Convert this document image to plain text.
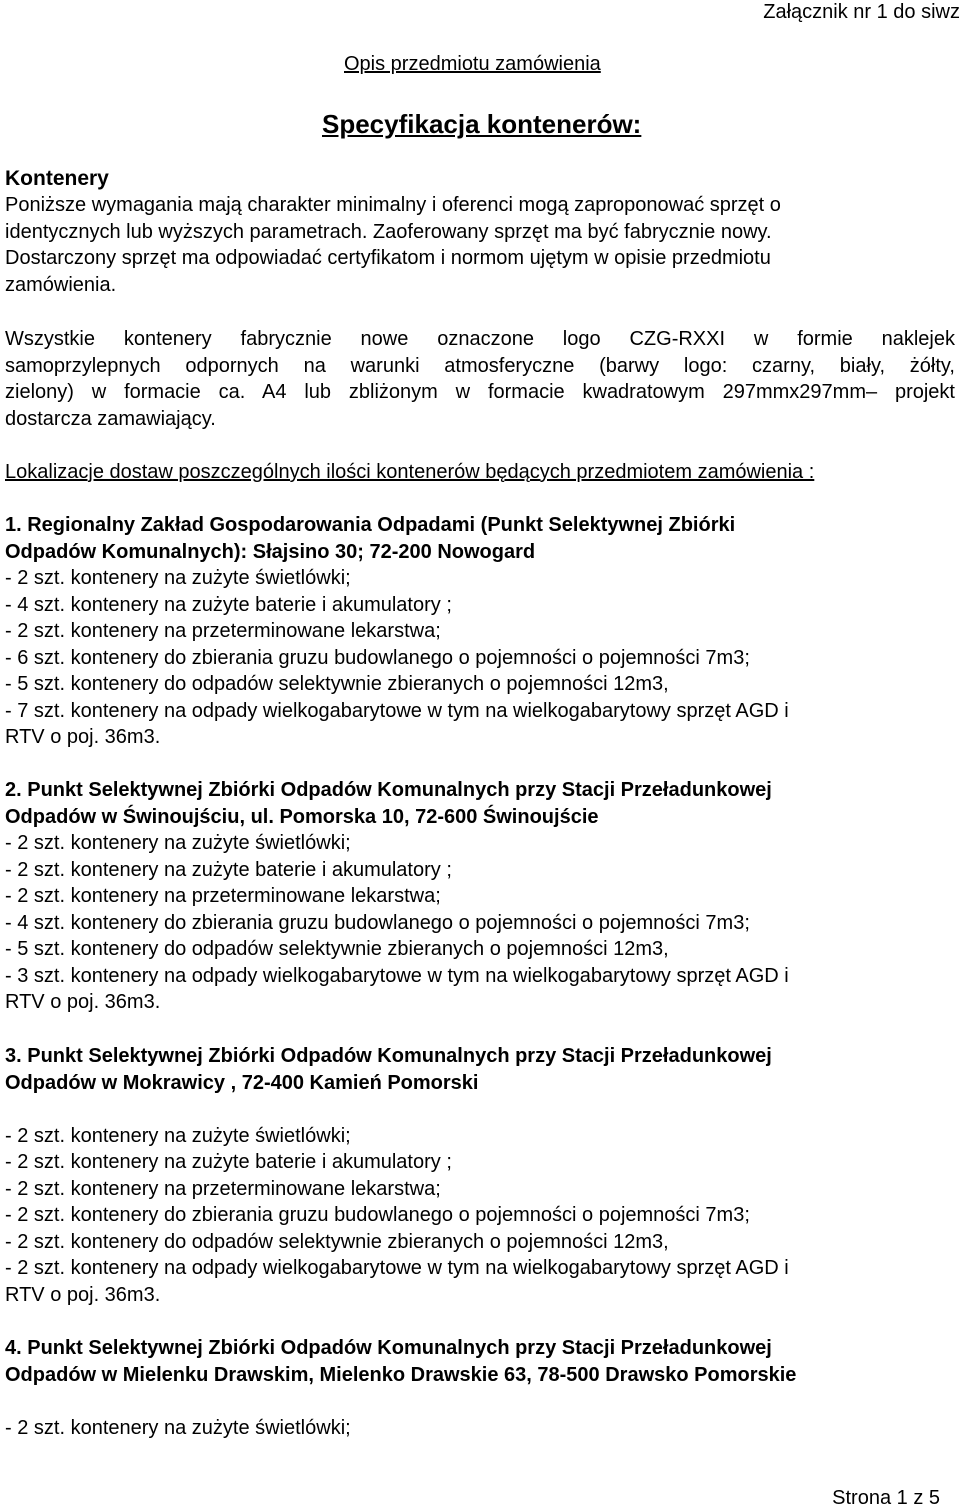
Załącznik nr 1 do siwz
Opis przedmiotu zamówienia
Specyfikacja kontenerów:
Kontenery
Poniższe wymagania mają charakter minimalny i oferenci mogą zaproponować sprzęt o
identycznych lub wyższych parametrach. Zaoferowany sprzęt ma być fabrycznie nowy.
Dostarczony sprzęt ma odpowiadać certyfikatom i normom ujętym w opisie przedmiotu
zamówienia.
Wszystkie kontenery fabrycznie nowe oznaczone logo CZG-RXXI w formie naklejek
samoprzylepnych odpornych na warunki atmosferyczne (barwy logo: czarny, biały, żółty,
zielony) w formacie ca. A4 lub zbliżonym w formacie kwadratowym 297mmx297mm– projekt
dostarcza zamawiający.
Lokalizacje dostaw poszczególnych ilości kontenerów będących przedmiotem zamówienia :
1. Regionalny Zakład Gospodarowania Odpadami (Punkt Selektywnej Zbiórki
Odpadów Komunalnych): Słajsino 30; 72-200 Nowogard
- 2 szt. kontenery na zużyte świetlówki;
- 4 szt. kontenery na zużyte baterie i akumulatory ;
- 2 szt. kontenery na przeterminowane lekarstwa;
- 6 szt. kontenery do zbierania gruzu budowlanego o pojemności o pojemności 7m3;
- 5 szt. kontenery do odpadów selektywnie zbieranych o pojemności 12m3,
- 7 szt. kontenery na odpady wielkogabarytowe w tym na wielkogabarytowy sprzęt AGD i
RTV o poj. 36m3.
2. Punkt Selektywnej Zbiórki Odpadów Komunalnych przy Stacji Przeładunkowej
Odpadów w Świnoujściu, ul. Pomorska 10, 72-600 Świnoujście
- 2 szt. kontenery na zużyte świetlówki;
- 2 szt. kontenery na zużyte baterie i akumulatory ;
- 2 szt. kontenery na przeterminowane lekarstwa;
- 4 szt. kontenery do zbierania gruzu budowlanego o pojemności o pojemności 7m3;
- 5 szt. kontenery do odpadów selektywnie zbieranych o pojemności 12m3,
- 3 szt. kontenery na odpady wielkogabarytowe w tym na wielkogabarytowy sprzęt AGD i
RTV o poj. 36m3.
3. Punkt Selektywnej Zbiórki Odpadów Komunalnych przy Stacji Przeładunkowej
Odpadów w Mokrawicy , 72-400 Kamień Pomorski
- 2 szt. kontenery na zużyte świetlówki;
- 2 szt. kontenery na zużyte baterie i akumulatory ;
- 2 szt. kontenery na przeterminowane lekarstwa;
- 2 szt. kontenery do zbierania gruzu budowlanego o pojemności o pojemności 7m3;
- 2 szt. kontenery do odpadów selektywnie zbieranych o pojemności 12m3,
- 2 szt. kontenery na odpady wielkogabarytowe w tym na wielkogabarytowy sprzęt AGD i
RTV o poj. 36m3.
4. Punkt Selektywnej Zbiórki Odpadów Komunalnych przy Stacji Przeładunkowej
Odpadów w Mielenku Drawskim, Mielenko Drawskie 63, 78-500 Drawsko Pomorskie
- 2 szt. kontenery na zużyte świetlówki;
Strona 1 z 5
